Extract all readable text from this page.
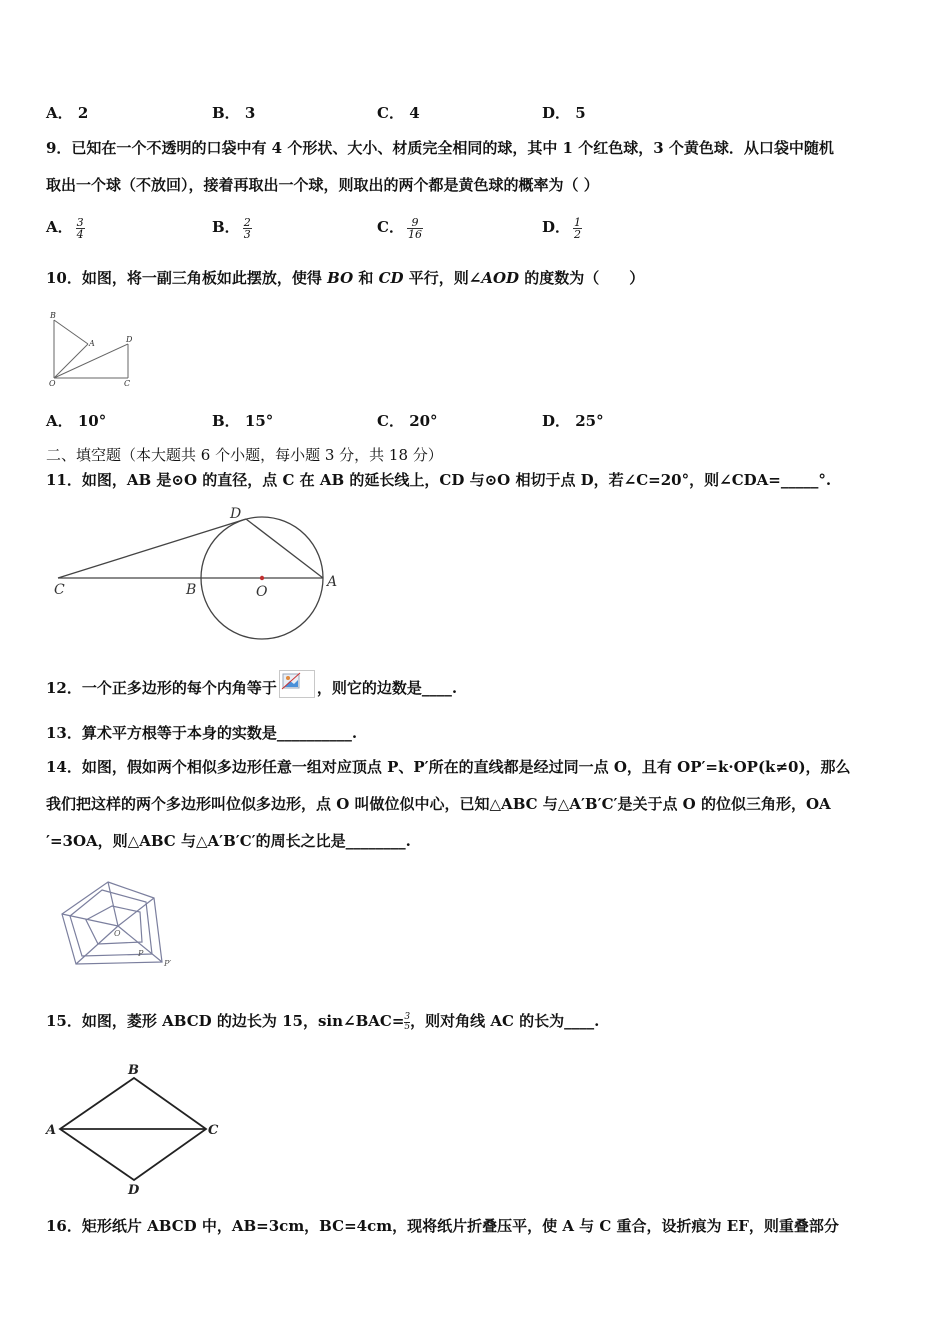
A． 2	B． 3	C． 4	D． 5
9．已知在一个不透明的口袋中有 4 个形状、大小、材质完全相同的球，其中 1 个红色球，3 个黄色球．从口袋中随机
取出一个球（不放回），接着再取出一个球，则取出的两个都是黄色球的概率为（ ）
A． $\frac{3}{4}$	B． $\frac{2}{3}$	C． $\frac{9}{16}$	D． $\frac{1}{2}$
10．如图，将一副三角板如此摆放，使得 BO 和 CD 平行，则∠AOD 的度数为（　　）
B
A	D
O	C
A． 10°	B． 15°	C． 20°	D． 25°
二、填空题（本大题共 6 个小题，每小题 3 分，共 18 分）
11．如图，AB 是⊙O 的直径，点 C 在 AB 的延长线上，CD 与⊙O 相切于点 D，若∠C=20°，则∠CDA=_____°.
D
C	B	O
A
12．一个正多边形的每个内角等于	，则它的边数是____.
13．算术平方根等于本身的实数是__________.
14．如图，假如两个相似多边形任意一组对应顶点 P、P′所在的直线都是经过同一点 O，且有 OP′=k·OP(k≠0)，那么
我们把这样的两个多边形叫位似多边形，点 O 叫做位似中心，已知△ABC 与△A′B′C′是关于点 O 的位似三角形，OA
′=3OA，则△ABC 与△A′B′C′的周长之比是________.
O
P
P′
15．如图，菱形 ABCD 的边长为 15，sin∠BAC= $\frac{3}{5}$ ，则对角线 AC 的长为____.
B
A	C
D
16．矩形纸片 ABCD 中，AB=3cm，BC=4cm，现将纸片折叠压平，使 A 与 C 重合，设折痕为 EF，则重叠部分
